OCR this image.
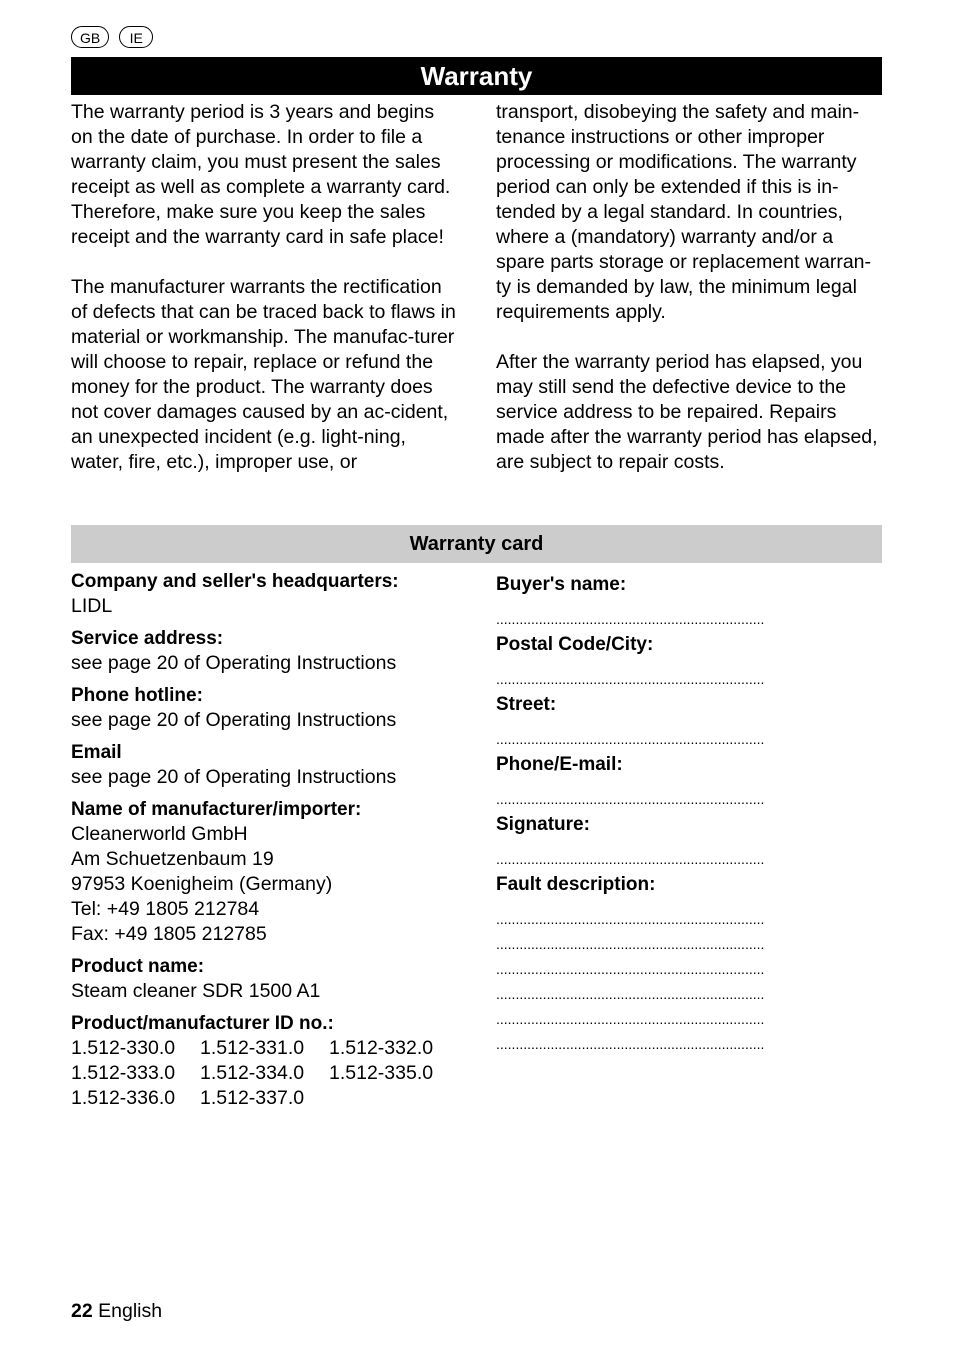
GB	IE
Warranty

The warranty period is 3 years and begins on the date of purchase. In order to file a warranty claim, you must present the sales receipt as well as complete a warranty card. Therefore, make sure you keep the sales receipt and the warranty card in safe place!

The manufacturer warrants the rectification of defects that can be traced back to flaws in material or workmanship. The manufac-turer will choose to repair, replace or refund the money for the product. The warranty does not cover damages caused by an ac-cident, an unexpected incident (e.g. light-ning, water, fire, etc.), improper use, or

transport, disobeying the safety and main-tenance instructions or other improper processing or modifications. The warranty period can only be extended if this is in-tended by a legal standard. In countries, where a (mandatory) warranty and/or a spare parts storage or replacement warran-ty is demanded by law, the minimum legal requirements apply.

After the warranty period has elapsed, you may still send the defective device to the service address to be repaired. Repairs made after the warranty period has elapsed, are subject to repair costs.

Warranty card
Company and seller's headquarters:
LIDL
Service address:
see page 20 of Operating Instructions
Phone hotline:
see page 20 of Operating Instructions
Email
see page 20 of Operating Instructions
Name of manufacturer/importer:
Cleanerworld GmbH
Am Schuetzenbaum 19
97953 Koenigheim (Germany)
Tel: +49 1805 212784
Fax: +49 1805 212785
Product name:
Steam cleaner SDR 1500 A1
Product/manufacturer ID no.:
1.512-330.0	1.512-331.0	1.512-332.0
1.512-333.0	1.512-334.0	1.512-335.0
1.512-336.0	1.512-337.0
Buyer's name:
.....................................................................
Postal Code/City:
.....................................................................
Street:
.....................................................................
Phone/E-mail:
.....................................................................
Signature:
.....................................................................
Fault description:
.....................................................................
.....................................................................
.....................................................................
.....................................................................
.....................................................................
.....................................................................
22 English
